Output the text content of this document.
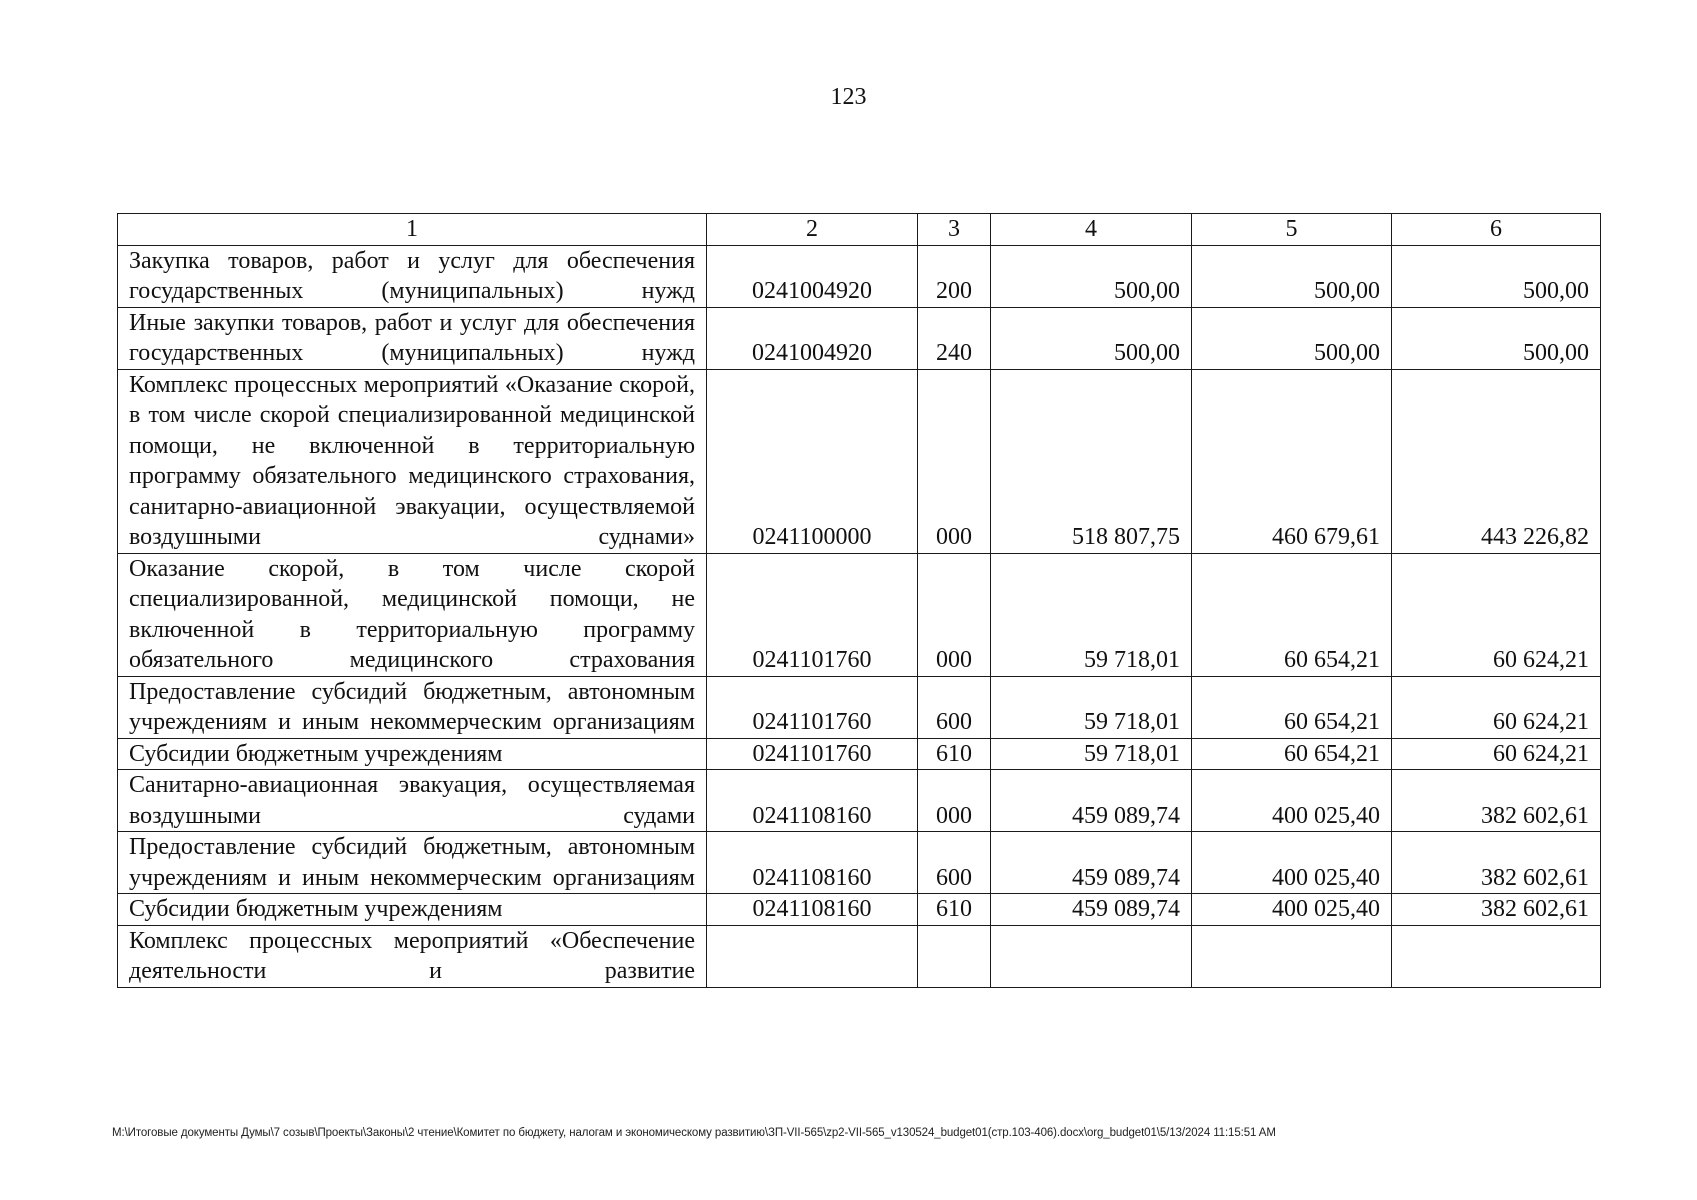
123
1	2	3	4	5	6
Закупка товаров, работ и услуг для обеспечения государственных (муниципальных) нужд	0241004920	200	500,00	500,00	500,00
Иные закупки товаров, работ и услуг для обеспечения государственных (муниципальных) нужд	0241004920	240	500,00	500,00	500,00
Комплекс процессных мероприятий «Оказание скорой, в том числе скорой специализированной медицинской помощи, не включенной в территориальную программу обязательного медицинского страхования, санитарно-авиационной эвакуации, осуществляемой воздушными суднами»	0241100000	000	518 807,75	460 679,61	443 226,82
Оказание скорой, в том числе скорой специализированной, медицинской помощи, не включенной в территориальную программу обязательного медицинского страхования	0241101760	000	59 718,01	60 654,21	60 624,21
Предоставление субсидий бюджетным, автономным учреждениям и иным некоммерческим организациям	0241101760	600	59 718,01	60 654,21	60 624,21
Субсидии бюджетным учреждениям	0241101760	610	59 718,01	60 654,21	60 624,21
Санитарно-авиационная эвакуация, осуществляемая воздушными судами	0241108160	000	459 089,74	400 025,40	382 602,61
Предоставление субсидий бюджетным, автономным учреждениям и иным некоммерческим организациям	0241108160	600	459 089,74	400 025,40	382 602,61
Субсидии бюджетным учреждениям	0241108160	610	459 089,74	400 025,40	382 602,61
Комплекс процессных мероприятий «Обеспечение деятельности и развитие					
M:\Итоговые документы Думы\7 созыв\Проекты\Законы\2 чтение\Комитет по бюджету, налогам и экономическому развитию\ЗП-VII-565\zp2-VII-565_v130524_budget01(стр.103-406).docx\org_budget01\5/13/2024 11:15:51 AM
